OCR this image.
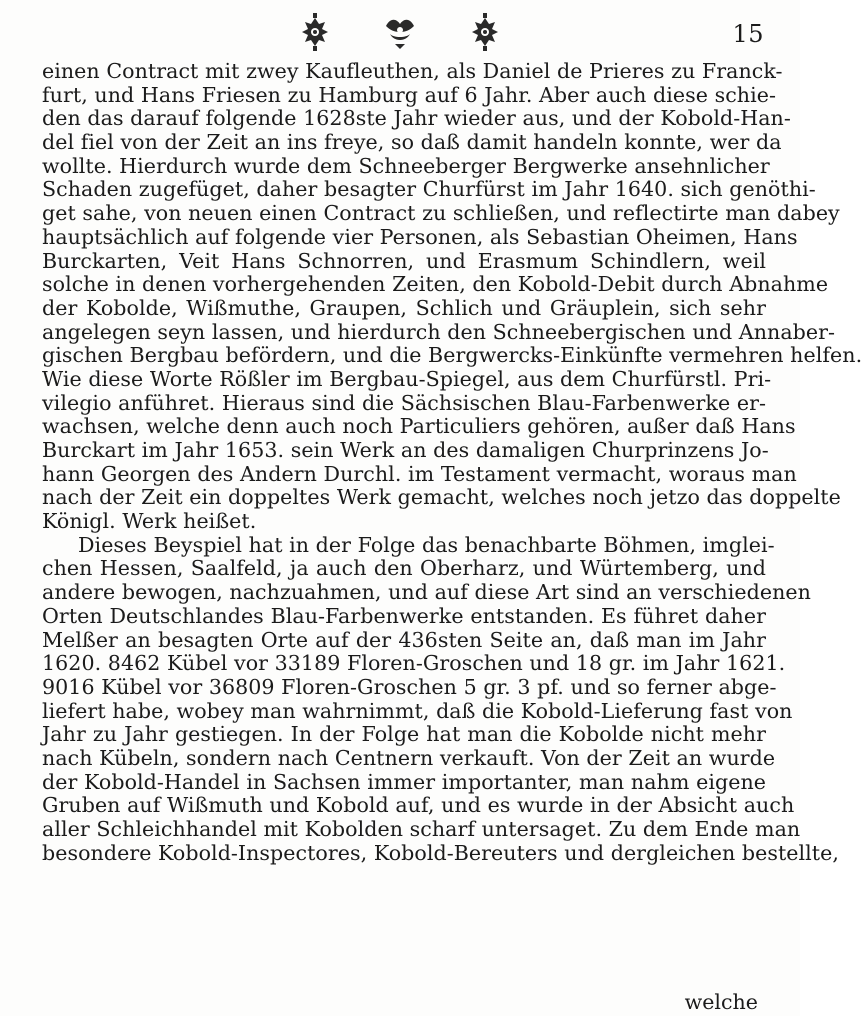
15
einen Contract mit zwey Kaufleuthen, als Daniel de Prieres zu Franck-
furt, und Hans Friesen zu Hamburg auf 6 Jahr. Aber auch diese schie-
den das darauf folgende 1628ste Jahr wieder aus, und der Kobold-Han-
del fiel von der Zeit an ins freye, so daß damit handeln konnte, wer da
wollte. Hierdurch wurde dem Schneeberger Bergwerke ansehnlicher
Schaden zugefüget, daher besagter Churfürst im Jahr 1640. sich genöthi-
get sahe, von neuen einen Contract zu schließen, und reflectirte man dabey
hauptsächlich auf folgende vier Personen, als Sebastian Oheimen, Hans
Burckarten, Veit Hans Schnorren, und Erasmum Schindlern, weil
solche in denen vorhergehenden Zeiten, den Kobold-Debit durch Abnahme
der Kobolde, Wißmuthe, Graupen, Schlich und Gräuplein, sich sehr
angelegen seyn lassen, und hierdurch den Schneebergischen und Annaber-
gischen Bergbau befördern, und die Bergwercks-Einkünfte vermehren helfen.
Wie diese Worte Rößler im Bergbau-Spiegel, aus dem Churfürstl. Pri-
vilegio anführet. Hieraus sind die Sächsischen Blau-Farbenwerke er-
wachsen, welche denn auch noch Particuliers gehören, außer daß Hans
Burckart im Jahr 1653. sein Werk an des damaligen Churprinzens Jo-
hann Georgen des Andern Durchl. im Testament vermacht, woraus man
nach der Zeit ein doppeltes Werk gemacht, welches noch jetzo das doppelte
Königl. Werk heißet.
Dieses Beyspiel hat in der Folge das benachbarte Böhmen, imglei-
chen Hessen, Saalfeld, ja auch den Oberharz, und Würtemberg, und
andere bewogen, nachzuahmen, und auf diese Art sind an verschiedenen
Orten Deutschlandes Blau-Farbenwerke entstanden. Es führet daher
Melßer an besagten Orte auf der 436sten Seite an, daß man im Jahr
1620. 8462 Kübel vor 33189 Floren-Groschen und 18 gr. im Jahr 1621.
9016 Kübel vor 36809 Floren-Groschen 5 gr. 3 pf. und so ferner abge-
liefert habe, wobey man wahrnimmt, daß die Kobold-Lieferung fast von
Jahr zu Jahr gestiegen. In der Folge hat man die Kobolde nicht mehr
nach Kübeln, sondern nach Centnern verkauft. Von der Zeit an wurde
der Kobold-Handel in Sachsen immer importanter, man nahm eigene
Gruben auf Wißmuth und Kobold auf, und es wurde in der Absicht auch
aller Schleichhandel mit Kobolden scharf untersaget. Zu dem Ende man
besondere Kobold-Inspectores, Kobold-Bereuters und dergleichen bestellte,
welche
